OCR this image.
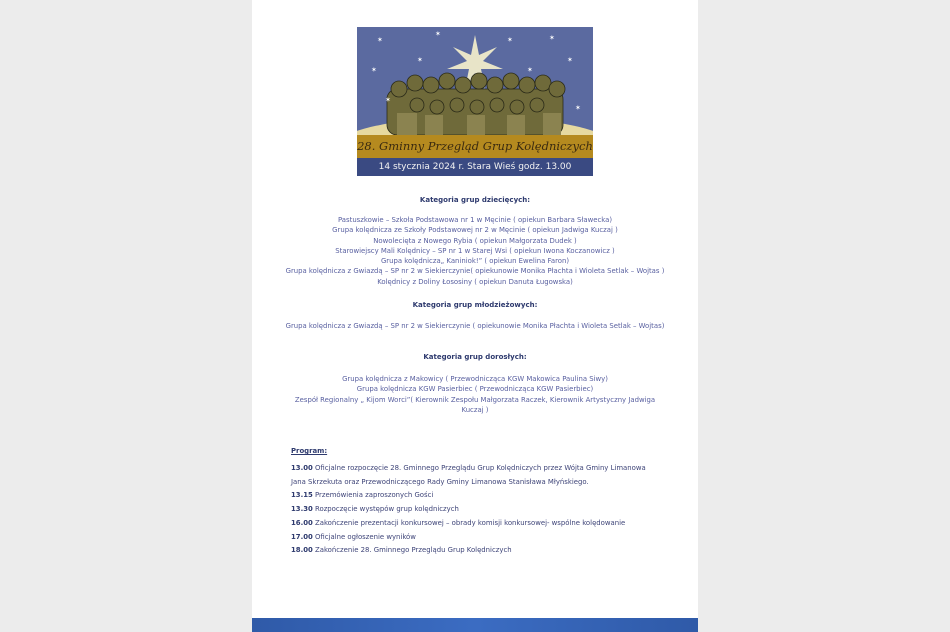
✶
✶
✶	✶
✶
✶
✶
✶
✶
✶
28. Gminny Przegląd Grup Kolędniczych
14 stycznia 2024 r. Stara Wieś godz. 13.00
Kategoria grup dziecięcych:
Pastuszkowie – Szkoła Podstawowa nr 1 w Męcinie ( opiekun Barbara Sławecka)
Grupa kolędnicza ze Szkoły Podstawowej nr 2 w Męcinie ( opiekun Jadwiga Kuczaj )
Nowolecięta z Nowego Rybia ( opiekun Małgorzata Dudek )
Starowiejscy Mali Kolędnicy – SP nr 1 w Starej Wsi ( opiekun Iwona Koczanowicz )
Grupa kolędnicza„ Kaniniok!” ( opiekun Ewelina Faron)
Grupa kolędnicza z Gwiazdą – SP nr 2 w Siekierczynie( opiekunowie Monika Płachta i Wioleta Setlak – Wojtas )
Kolędnicy z Doliny Łososiny ( opiekun Danuta Ługowska)
Kategoria grup młodzieżowych:
Grupa kolędnicza z Gwiazdą – SP nr 2 w Siekierczynie ( opiekunowie Monika Płachta i Wioleta Setlak – Wojtas)
Kategoria grup dorosłych:
Grupa kolędnicza z Makowicy ( Przewodnicząca KGW Makowica Paulina Siwy)
Grupa kolędnicza KGW Pasierbiec ( Przewodnicząca KGW Pasierbiec)
Zespół Regionalny „ Kijom Worci”( Kierownik Zespołu Małgorzata Raczek, Kierownik Artystyczny Jadwiga
Kuczaj )
Program:
13.00 Oficjalne rozpoczęcie 28. Gminnego Przeglądu Grup Kolędniczych przez Wójta Gminy Limanowa
Jana Skrzekuta oraz Przewodniczącego Rady Gminy Limanowa Stanisława Młyńskiego.
13.15 Przemówienia zaproszonych Gości
13.30 Rozpoczęcie występów grup kolędniczych
16.00 Zakończenie prezentacji konkursowej – obrady komisji konkursowej- wspólne kolędowanie
17.00 Oficjalne ogłoszenie wyników
18.00 Zakończenie 28. Gminnego Przeglądu Grup Kolędniczych
